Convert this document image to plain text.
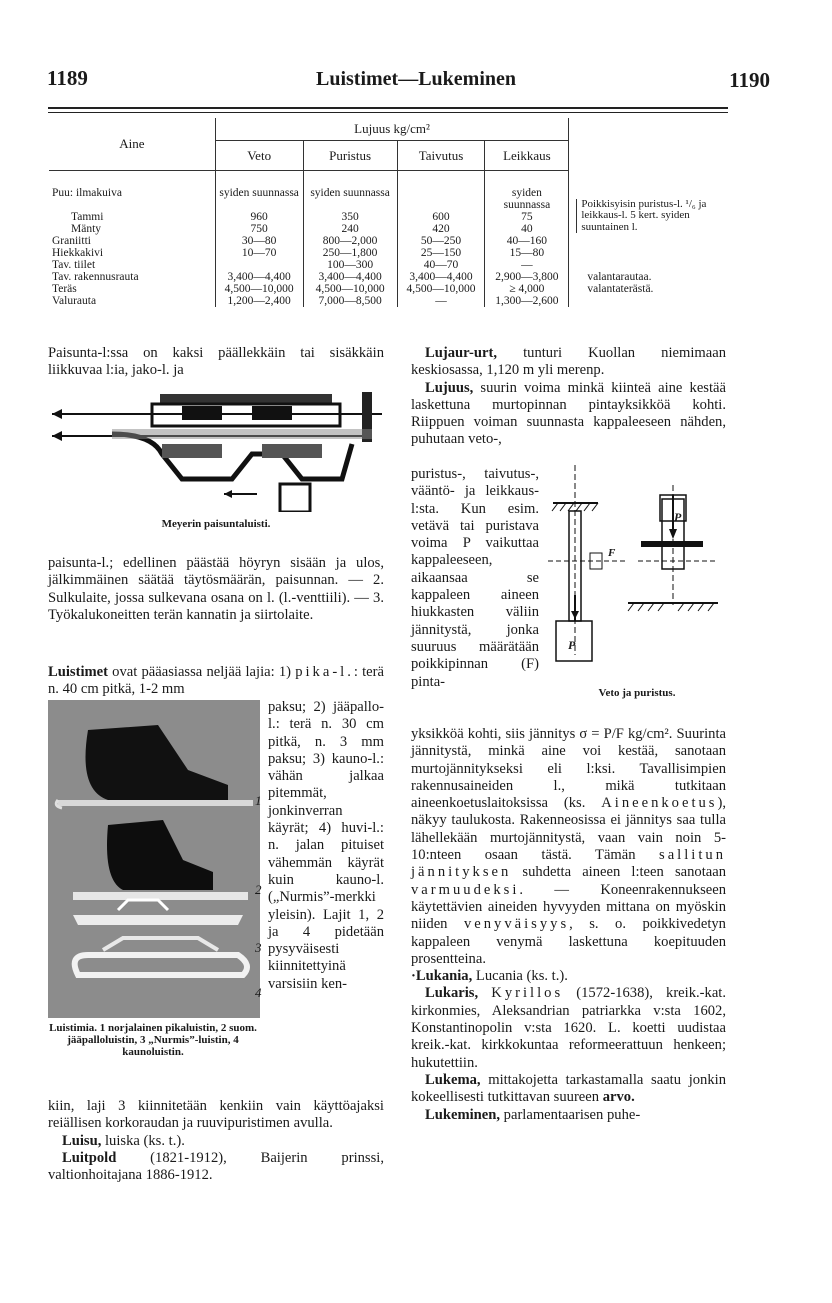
1189	Luistimet—Lukeminen	1190
Aine	Lujuus kg/cm²				
	Veto	Puristus	Taivutus	Leikkaus	
Puu: ilmakuiva	syiden suunnassa	syiden suunnassa		syiden suunnassa	Poikkisyisin puristus-l. ¹/₆ ja leikkaus-l. 5 kert. syiden suuntainen l.

Tammi	960	350	600	75	
Mänty	750	240	420	40	
Graniitti	30—80	800—2,000	50—250	40—160	
Hiekkakivi	10—70	250—1,800	25—150	15—80	
Tav. tiilet		100—300	40—70	—	
Tav. rakennusrauta	3,400—4,400	3,400—4,400	3,400—4,400	2,900—3,800	valantarautaa.
Teräs	4,500—10,000	4,500—10,000	4,500—10,000	≥ 4,000	valantaterästä.
Valurauta	1,200—2,400	7,000—8,500	—	1,300—2,600	

Paisunta-l:ssa on kaksi päällekkäin tai sisäkkäin liikkuvaa l:ia, jako-l. ja

Meyerin paisuntaluisti.

paisunta-l.; edellinen päästää höyryn sisään ja ulos, jälkimmäinen säätää täytösmäärän, paisunnan. — 2. Sulkulaite, jossa sulkevana osana on l. (l.-venttiili). — 3. Työkalukoneitten terän kannatin ja siirtolaite.

Luistimet ovat pääasiassa neljää lajia: 1) pika-l.: terä n. 40 cm pitkä, 1-2 mm

1
2
3
4
Luistimia. 1 norjalainen pikaluistin, 2 suom. jääpalloluistin, 3 „Nurmis”-luistin, 4 kaunoluistin.

paksu; 2) jääpallo-l.: terä n. 30 cm pitkä, n. 3 mm paksu; 3) kauno-l.: vähän jalkaa pitemmät, jonkinverran käyrät; 4) huvi-l.: n. jalan pituiset vähemmän käyrät kuin kauno-l. („Nurmis”-merkki yleisin). Lajit 1, 2 ja 4 pidetään pysyväisesti kiinnitettyinä varsisiin ken-

kiin, laji 3 kiinnitetään kenkiin vain käyttöajaksi reiällisen korkoraudan ja ruuvipuristimen avulla.

Luisu, luiska (ks. t.).

Luitpold (1821-1912), Baijerin prinssi, valtionhoitajana 1886-1912.

Lujaur-urt, tunturi Kuollan niemimaan keskiosassa, 1,120 m yli merenp.

Lujuus, suurin voima minkä kiinteä aine kestää laskettuna murtopinnan pintayksikköä kohti. Riippuen voiman suunnasta kappaleeseen nähden, puhutaan veto-,

puristus-, taivutus-, vääntö- ja leikkaus-l:sta. Kun esim. vetävä tai puristava voima P vaikuttaa kappaleeseen, aikaansaa se kappaleen aineen hiukkasten väliin jännitystä, jonka suuruus määrätään poikkipinnan (F) pinta-

P
P
F
Veto ja puristus.

yksikköä kohti, siis jännitys σ = P/F kg/cm². Suurinta jännitystä, minkä aine voi kestää, sanotaan murtojännitykseksi eli l:ksi. Tavallisimpien rakennusaineiden l., mikä tutkitaan aineenkoetuslaitoksissa (ks. Aineenkoetus), näkyy taulukosta. Rakenneosissa ei jännitys saa tulla lähellekään murtojännitystä, vaan vain noin 5-10:nteen osaan tästä. Tämän sallitun jännityksen suhdetta aineen l:teen sanotaan varmuudeksi. — Koneenrakennukseen käytettävien aineiden hyvyyden mittana on myöskin niiden venyväisyys, s. o. poikkivedetyn kappaleen venymä laskettuna koepituuden prosentteina.

·Lukania, Lucania (ks. t.).

Lukaris, Kyrillos (1572-1638), kreik.-kat. kirkonmies, Aleksandrian patriarkka v:sta 1602, Konstantinopolin v:sta 1620. L. koetti uudistaa kreik.-kat. kirkkokuntaa reformeerattuun henkeen; hukutettiin.

Lukema, mittakojetta tarkastamalla saatu jonkin kokeellisesti tutkittavan suureen arvo.

Lukeminen, parlamentaarisen puhe-
